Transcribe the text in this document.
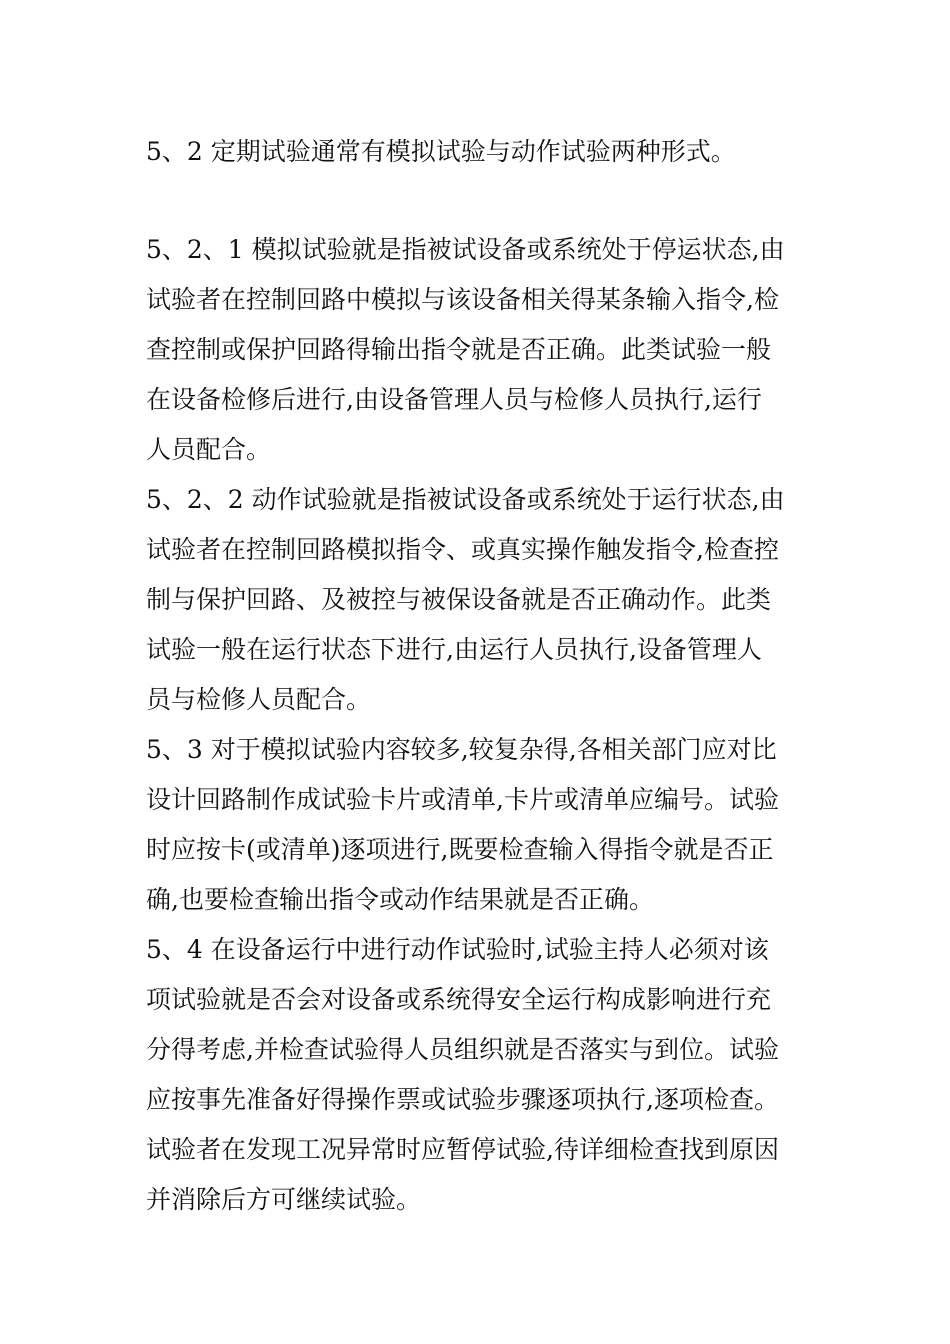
5、2 定期试验通常有模拟试验与动作试验两种形式。
5、2、1 模拟试验就是指被试设备或系统处于停运状态,由
试验者在控制回路中模拟与该设备相关得某条输入指令,检
查控制或保护回路得输出指令就是否正确。此类试验一般
在设备检修后进行,由设备管理人员与检修人员执行,运行
人员配合。
5、2、2 动作试验就是指被试设备或系统处于运行状态,由
试验者在控制回路模拟指令、或真实操作触发指令,检查控
制与保护回路、及被控与被保设备就是否正确动作。此类
试验一般在运行状态下进行,由运行人员执行,设备管理人
员与检修人员配合。
5、3 对于模拟试验内容较多,较复杂得,各相关部门应对比
设计回路制作成试验卡片或清单,卡片或清单应编号。试验
时应按卡(或清单)逐项进行,既要检查输入得指令就是否正
确,也要检查输出指令或动作结果就是否正确。
5、4 在设备运行中进行动作试验时,试验主持人必须对该
项试验就是否会对设备或系统得安全运行构成影响进行充
分得考虑,并检查试验得人员组织就是否落实与到位。试验
应按事先准备好得操作票或试验步骤逐项执行,逐项检查。
试验者在发现工况异常时应暂停试验,待详细检查找到原因
并消除后方可继续试验。
